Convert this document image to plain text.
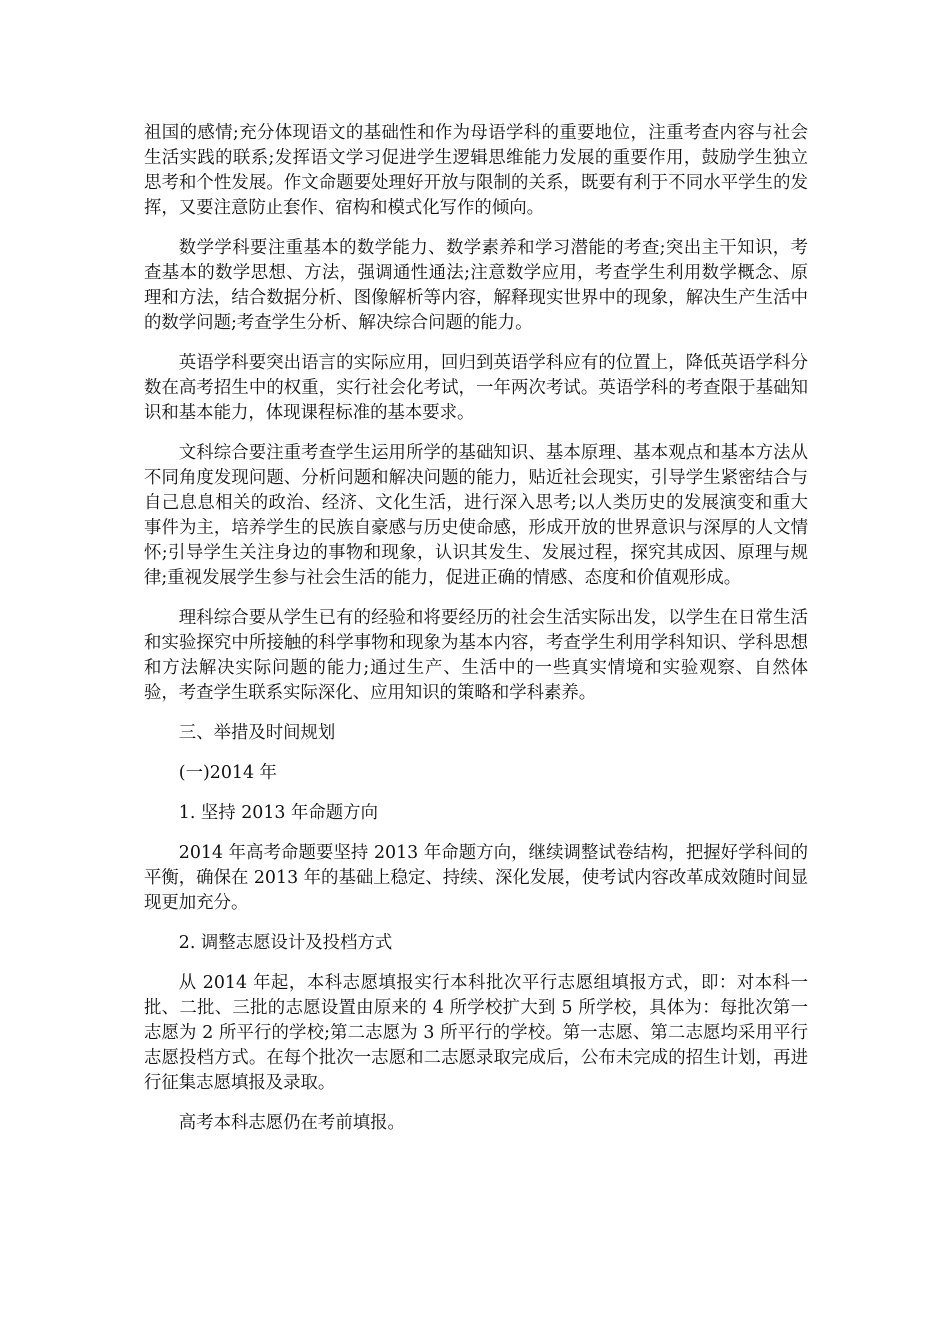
祖国的感情;充分体现语文的基础性和作为母语学科的重要地位，注重考查内容与社会生活实践的联系;发挥语文学习促进学生逻辑思维能力发展的重要作用，鼓励学生独立思考和个性发展。作文命题要处理好开放与限制的关系，既要有利于不同水平学生的发挥，又要注意防止套作、宿构和模式化写作的倾向。

数学学科要注重基本的数学能力、数学素养和学习潜能的考查;突出主干知识，考查基本的数学思想、方法，强调通性通法;注意数学应用，考查学生利用数学概念、原理和方法，结合数据分析、图像解析等内容，解释现实世界中的现象，解决生产生活中的数学问题;考查学生分析、解决综合问题的能力。

英语学科要突出语言的实际应用，回归到英语学科应有的位置上，降低英语学科分数在高考招生中的权重，实行社会化考试，一年两次考试。英语学科的考查限于基础知识和基本能力，体现课程标准的基本要求。

文科综合要注重考查学生运用所学的基础知识、基本原理、基本观点和基本方法从不同角度发现问题、分析问题和解决问题的能力，贴近社会现实，引导学生紧密结合与自己息息相关的政治、经济、文化生活，进行深入思考;以人类历史的发展演变和重大事件为主，培养学生的民族自豪感与历史使命感，形成开放的世界意识与深厚的人文情怀;引导学生关注身边的事物和现象，认识其发生、发展过程，探究其成因、原理与规律;重视发展学生参与社会生活的能力，促进正确的情感、态度和价值观形成。

理科综合要从学生已有的经验和将要经历的社会生活实际出发，以学生在日常生活和实验探究中所接触的科学事物和现象为基本内容，考查学生利用学科知识、学科思想和方法解决实际问题的能力;通过生产、生活中的一些真实情境和实验观察、自然体验，考查学生联系实际深化、应用知识的策略和学科素养。

三、举措及时间规划

(一)2014 年

1. 坚持 2013 年命题方向

2014 年高考命题要坚持 2013 年命题方向，继续调整试卷结构，把握好学科间的平衡，确保在 2013 年的基础上稳定、持续、深化发展，使考试内容改革成效随时间显现更加充分。

2. 调整志愿设计及投档方式

从 2014 年起，本科志愿填报实行本科批次平行志愿组填报方式，即：对本科一批、二批、三批的志愿设置由原来的 4 所学校扩大到 5 所学校，具体为：每批次第一志愿为 2 所平行的学校;第二志愿为 3 所平行的学校。第一志愿、第二志愿均采用平行志愿投档方式。在每个批次一志愿和二志愿录取完成后，公布未完成的招生计划，再进行征集志愿填报及录取。

高考本科志愿仍在考前填报。
